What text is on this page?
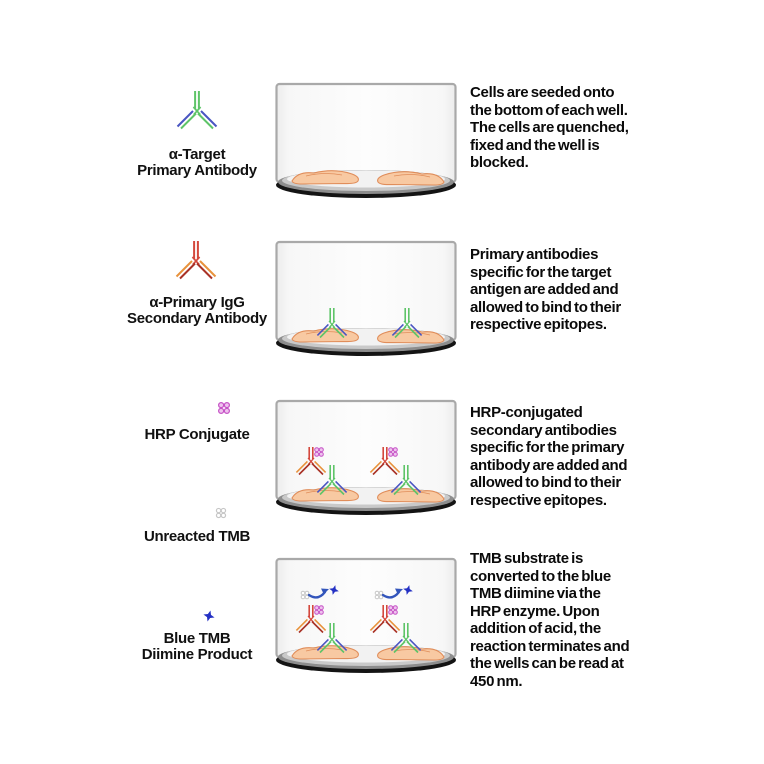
α-Target
Primary Antibody
α-Primary IgG
Secondary Antibody
HRP Conjugate
Unreacted TMB
Blue TMB
Diimine Product
Cells are seeded onto
the bottom of each well.
The cells are quenched,
fixed and the well is
blocked.
Primary antibodies
specific for the target
antigen are added and
allowed to bind to their
respective epitopes.
HRP-conjugated
secondary antibodies
specific for the primary
antibody are added and
allowed to bind to their
respective epitopes.
TMB substrate is
converted to the blue
TMB diimine via the
HRP enzyme. Upon
addition of acid, the
reaction terminates and
the wells can be read at
450 nm.
